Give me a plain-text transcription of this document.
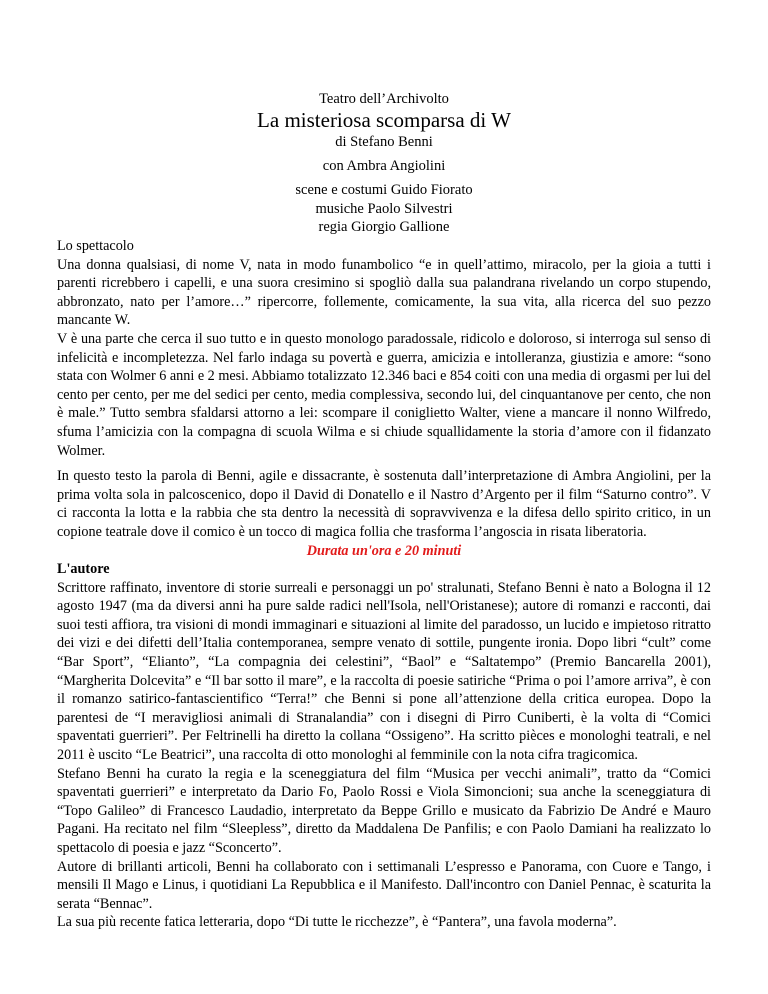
Teatro dell’Archivolto
La misteriosa scomparsa di W
di Stefano Benni
con Ambra Angiolini
scene e costumi Guido Fiorato
musiche Paolo Silvestri
regia Giorgio Gallione

Lo spettacolo

Una donna qualsiasi, di nome V, nata in modo funambolico “e in quell’attimo, miracolo, per la gioia a tutti i parenti ricrebbero i capelli, e una suora cresimino si spogliò dalla sua palandrana rivelando un corpo stupendo, abbronzato, nato per l’amore…” ripercorre, follemente, comicamente, la sua vita, alla ricerca del suo pezzo mancante W.

V è una parte che cerca il suo tutto e in questo monologo paradossale, ridicolo e doloroso, si interroga sul senso di infelicità e incompletezza. Nel farlo indaga su povertà e guerra, amicizia e intolleranza, giustizia e amore: “sono stata con Wolmer 6 anni e 2 mesi. Abbiamo totalizzato 12.346 baci e 854 coiti con una media di orgasmi per lui del cento per cento, per me del sedici per cento, media complessiva, secondo lui, del cinquantanove per cento, che non è male.” Tutto sembra sfaldarsi attorno a lei: scompare il coniglietto Walter, viene a mancare il nonno Wilfredo, sfuma l’amicizia con la compagna di scuola Wilma e si chiude squallidamente la storia d’amore con il fidanzato Wolmer.

In questo testo la parola di Benni, agile e dissacrante, è sostenuta dall’interpretazione di Ambra Angiolini, per la prima volta sola in palcoscenico, dopo il David di Donatello e il Nastro d’Argento per il film “Saturno contro”. V ci racconta la lotta e la rabbia che sta dentro la necessità di sopravvivenza e la difesa dello spirito critico, in un copione teatrale dove il comico è un tocco di magica follia che trasforma l’angoscia in risata liberatoria.

Durata un'ora e 20 minuti

L'autore

Scrittore raffinato, inventore di storie surreali e personaggi un po' stralunati, Stefano Benni è nato a Bologna il 12 agosto 1947 (ma da diversi anni ha pure salde radici nell'Isola, nell'Oristanese); autore di romanzi e racconti, dai suoi testi affiora, tra visioni di mondi immaginari e situazioni al limite del paradosso, un lucido e impietoso ritratto dei vizi e dei difetti dell’Italia contemporanea, sempre venato di sottile, pungente ironia. Dopo libri “cult” come “Bar Sport”, “Elianto”, “La compagnia dei celestini”, “Baol” e “Saltatempo” (Premio Bancarella 2001), “Margherita Dolcevita” e “Il bar sotto il mare”, e la raccolta di poesie satiriche “Prima o poi l’amore arriva”, è con il romanzo satirico-fantascientifico “Terra!” che Benni si pone all’attenzione della critica europea. Dopo la parentesi de “I meravigliosi animali di Stranalandia” con i disegni di Pirro Cuniberti, è la volta di “Comici spaventati guerrieri”. Per Feltrinelli ha diretto la collana “Ossigeno”. Ha scritto pièces e monologhi teatrali, e nel 2011 è uscito “Le Beatrici”, una raccolta di otto monologhi al femminile con la nota cifra tragicomica.

Stefano Benni ha curato la regia e la sceneggiatura del film “Musica per vecchi animali”, tratto da “Comici spaventati guerrieri” e interpretato da Dario Fo, Paolo Rossi e Viola Simoncioni; sua anche la sceneggiatura di “Topo Galileo” di Francesco Laudadio, interpretato da Beppe Grillo e musicato da Fabrizio De André e Mauro Pagani. Ha recitato nel film “Sleepless”, diretto da Maddalena De Panfilis; e con Paolo Damiani ha realizzato lo spettacolo di poesia e jazz “Sconcerto”.

Autore di brillanti articoli, Benni ha collaborato con i settimanali L’espresso e Panorama, con Cuore e Tango, i mensili Il Mago e Linus, i quotidiani La Repubblica e il Manifesto. Dall'incontro con Daniel Pennac, è scaturita la serata “Bennac”.

La sua più recente fatica letteraria, dopo “Di tutte le ricchezze”, è “Pantera”, una favola moderna”.
